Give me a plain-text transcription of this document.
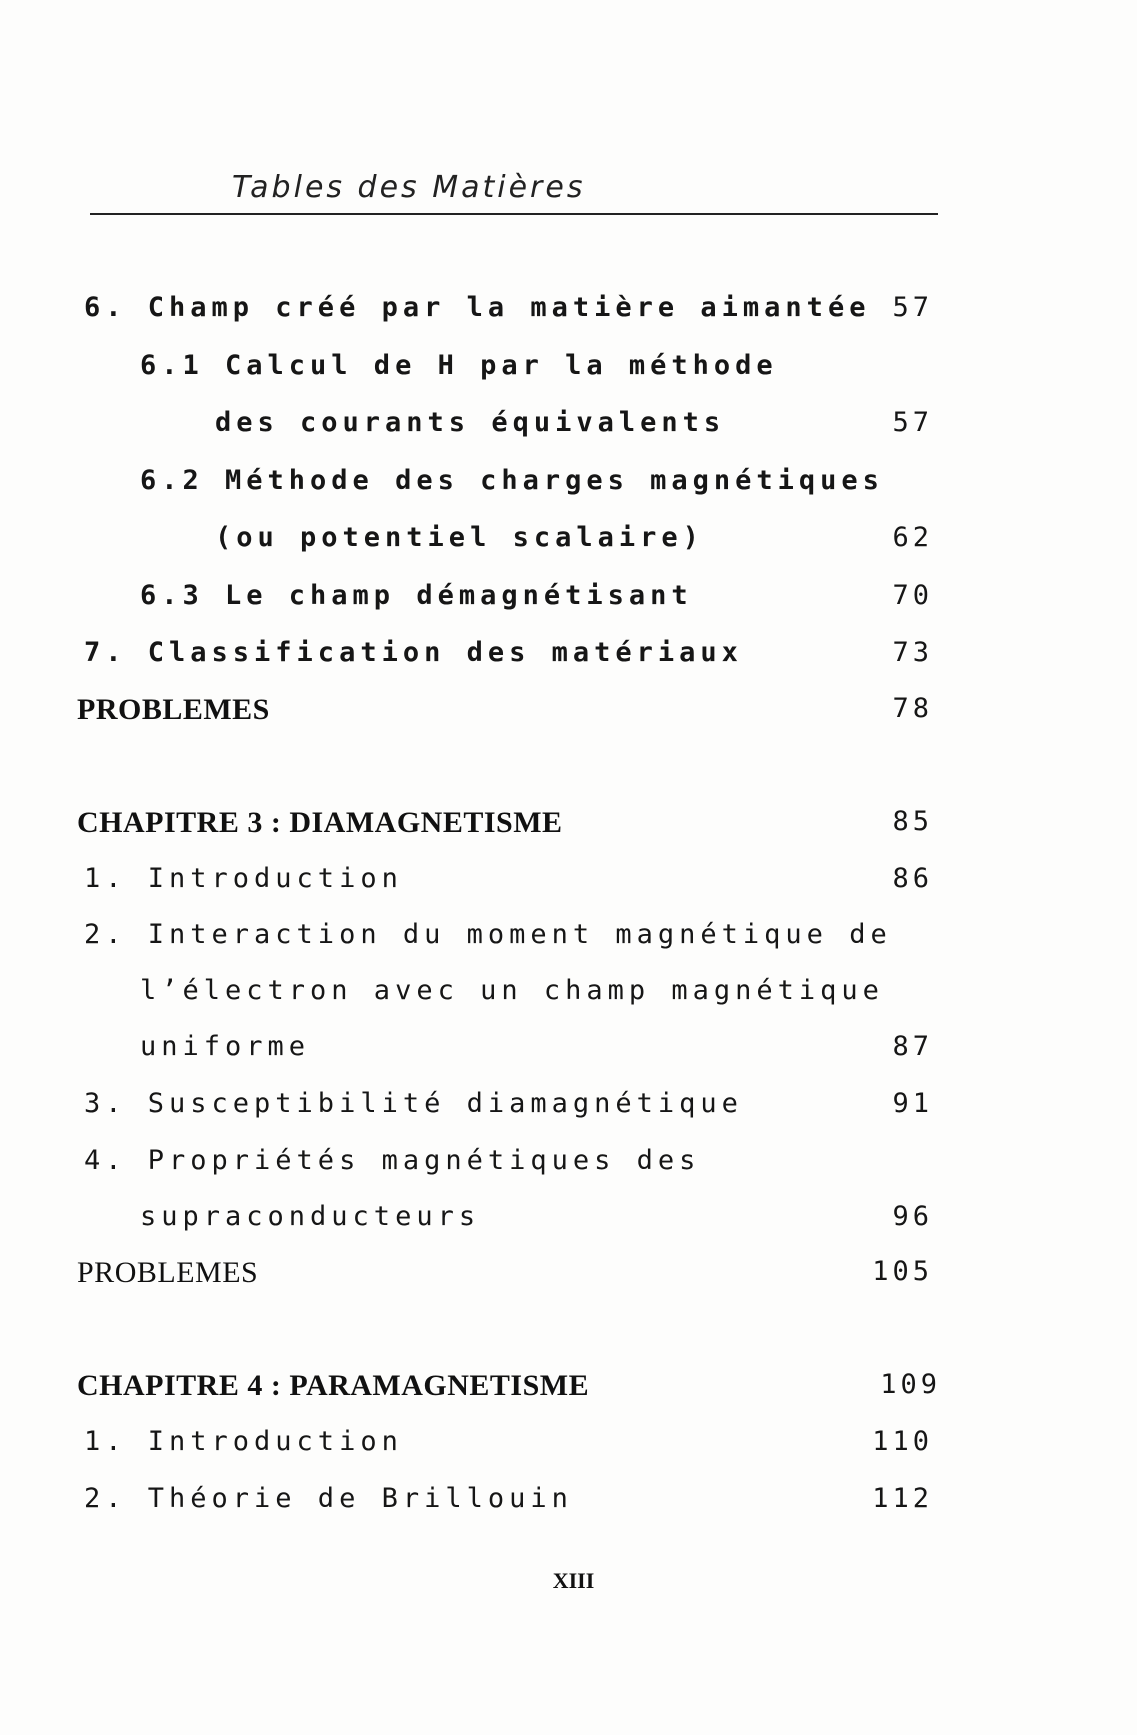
Tables des Matières
6. Champ créé par la matière aimantée 57
6.1 Calcul de H par la méthode
des courants équivalents	57
6.2 Méthode des charges magnétiques
(ou potentiel scalaire)	62
6.3 Le champ démagnétisant	70
7. Classification des matériaux	73
PROBLEMES	78
CHAPITRE 3 : DIAMAGNETISME	85
1. Introduction	86
2. Interaction du moment magnétique de
l’électron avec un champ magnétique
uniforme	87
3. Susceptibilité diamagnétique	91
4. Propriétés magnétiques des
supraconducteurs	96
PROBLEMES	105
CHAPITRE 4 : PARAMAGNETISME	109
1. Introduction	110
2. Théorie de Brillouin	112
XIII
